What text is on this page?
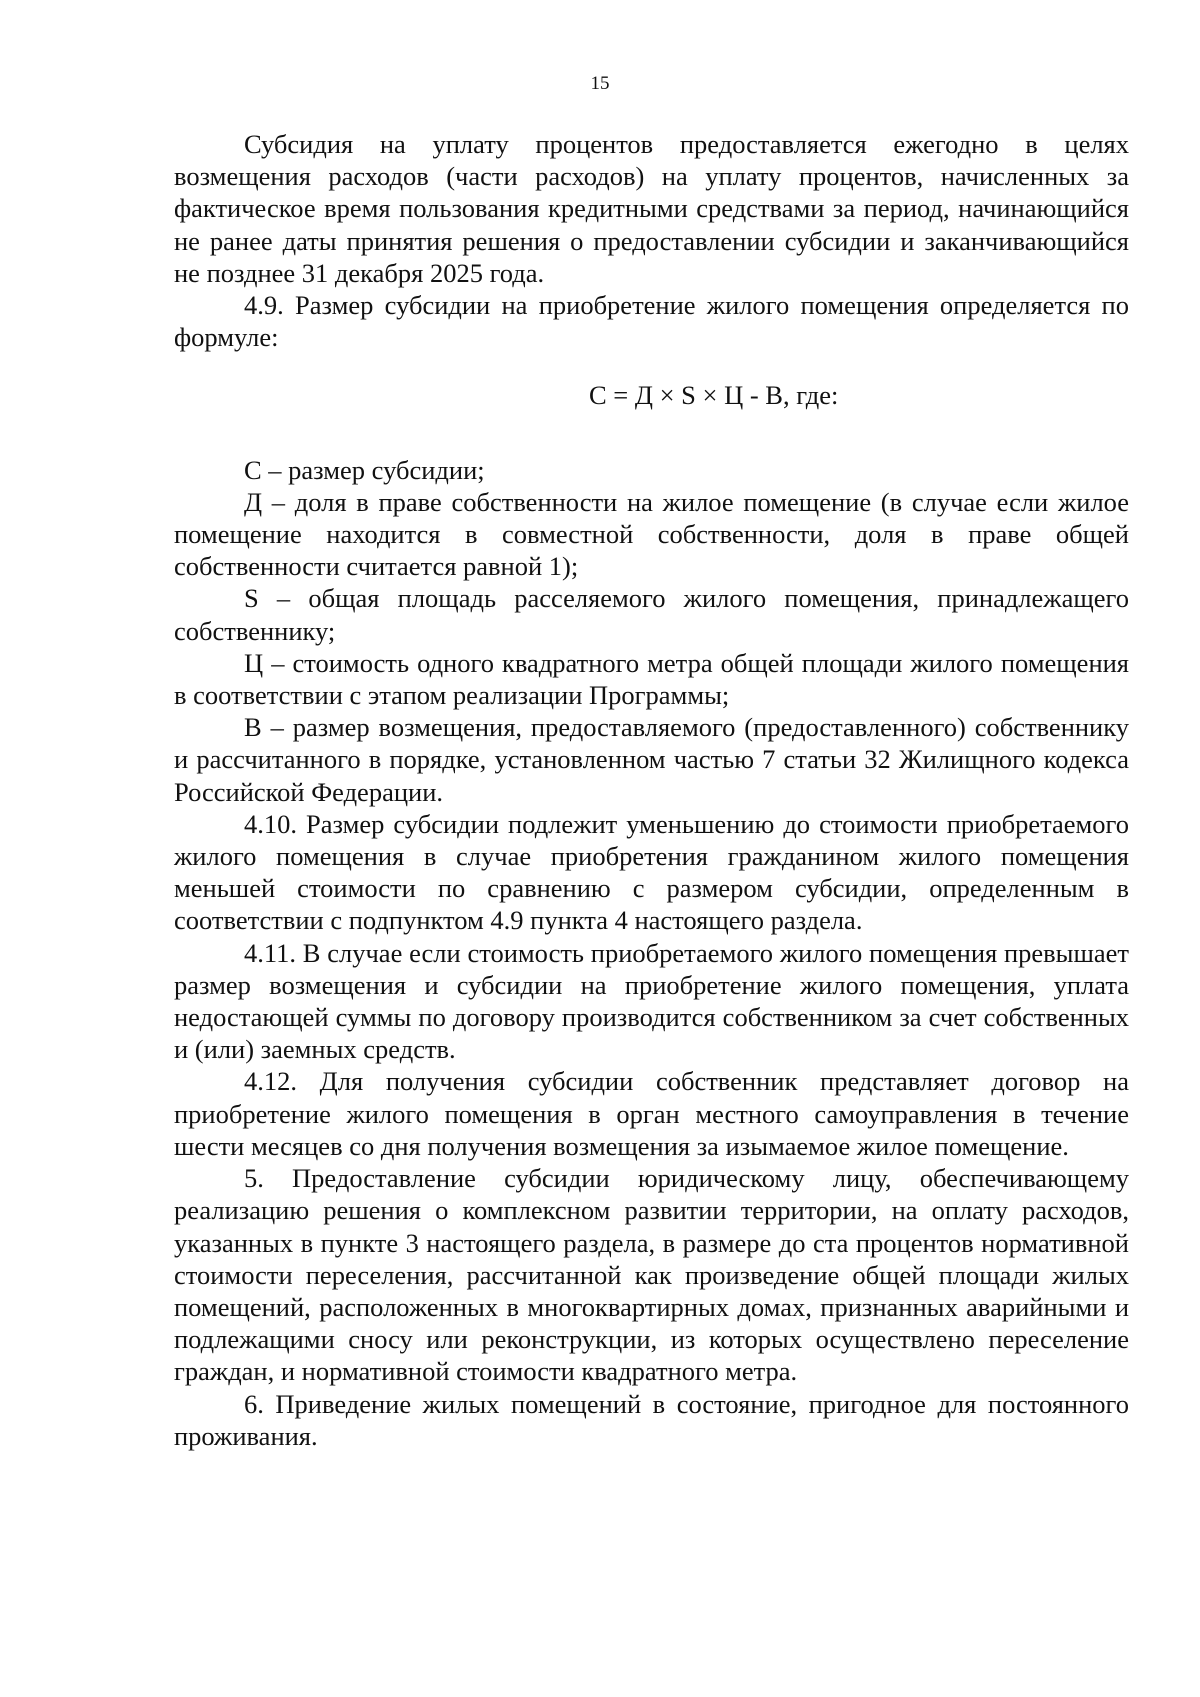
15

Субсидия на уплату процентов предоставляется ежегодно в целях возмещения расходов (части расходов) на уплату процентов, начисленных за фактическое время пользования кредитными средствами за период, начинающийся не ранее даты принятия решения о предоставлении субсидии и заканчивающийся не позднее 31 декабря 2025 года.

4.9. Размер субсидии на приобретение жилого помещения определяется по формуле:

С = Д × S × Ц - В, где:

С – размер субсидии;

Д – доля в праве собственности на жилое помещение (в случае если жилое помещение находится в совместной собственности, доля в праве общей собственности считается равной 1);

S – общая площадь расселяемого жилого помещения, принадлежащего собственнику;

Ц – стоимость одного квадратного метра общей площади жилого помещения в соответствии с этапом реализации Программы;

В – размер возмещения, предоставляемого (предоставленного) собственнику и рассчитанного в порядке, установленном частью 7 статьи 32 Жилищного кодекса Российской Федерации.

4.10. Размер субсидии подлежит уменьшению до стоимости приобретаемого жилого помещения в случае приобретения гражданином жилого помещения меньшей стоимости по сравнению с размером субсидии, определенным в соответствии с подпунктом 4.9 пункта 4 настоящего раздела.

4.11. В случае если стоимость приобретаемого жилого помещения превышает размер возмещения и субсидии на приобретение жилого помещения, уплата недостающей суммы по договору производится собственником за счет собственных и (или) заемных средств.

4.12. Для получения субсидии собственник представляет договор на приобретение жилого помещения в орган местного самоуправления в течение шести месяцев со дня получения возмещения за изымаемое жилое помещение.

5. Предоставление субсидии юридическому лицу, обеспечивающему реализацию решения о комплексном развитии территории, на оплату расходов, указанных в пункте 3 настоящего раздела, в размере до ста процентов нормативной стоимости переселения, рассчитанной как произведение общей площади жилых помещений, расположенных в многоквартирных домах, признанных аварийными и подлежащими сносу или реконструкции, из которых осуществлено переселение граждан, и нормативной стоимости квадратного метра.

6. Приведение жилых помещений в состояние, пригодное для постоянного проживания.
